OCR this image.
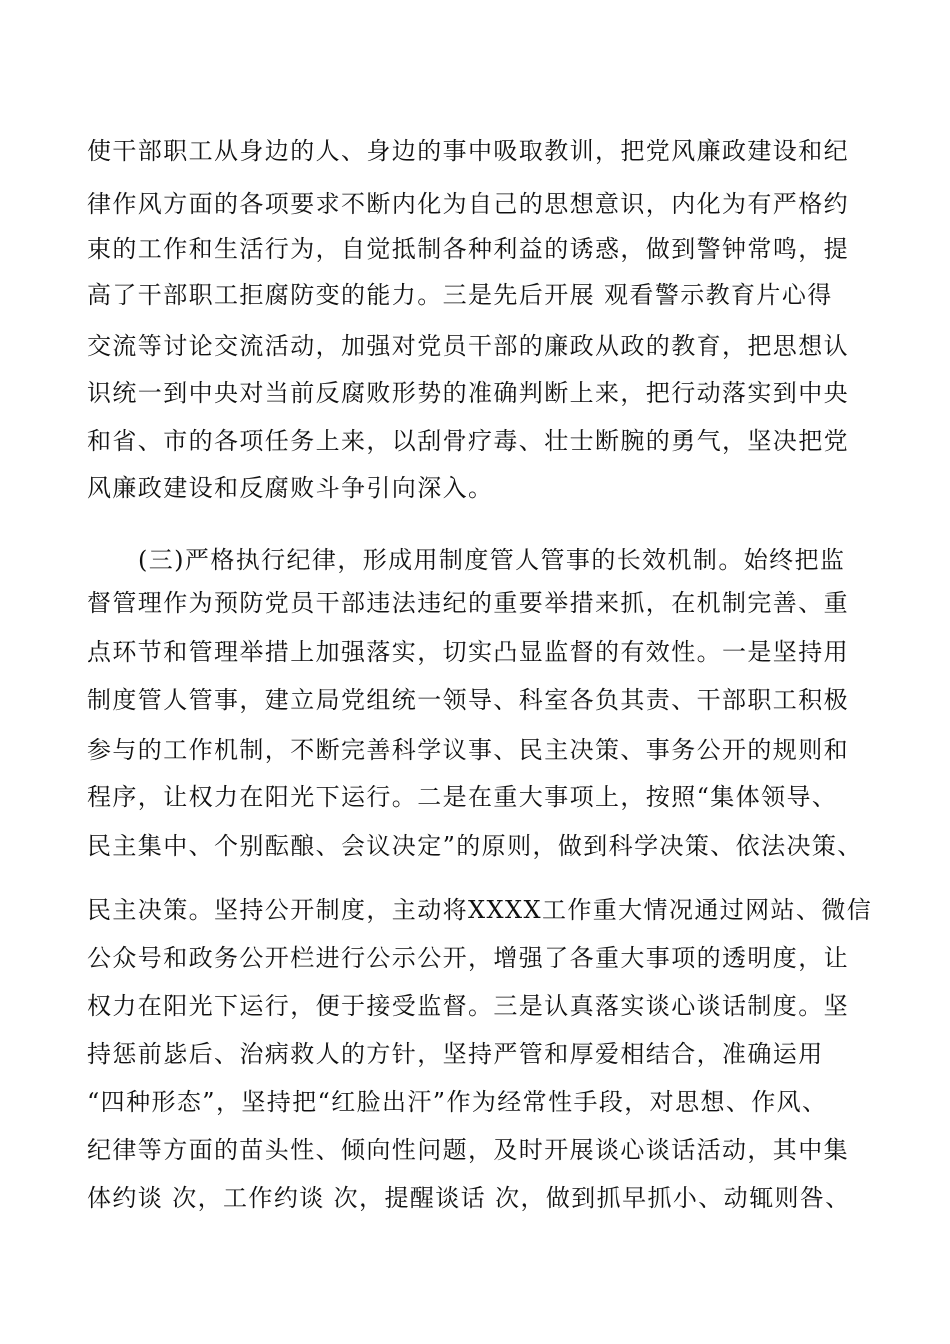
使干部职工从身边的人、身边的事中吸取教训，把党风廉政建设和纪
律作风方面的各项要求不断内化为自己的思想意识，内化为有严格约
束的工作和生活行为，自觉抵制各种利益的诱惑，做到警钟常鸣，提
高了干部职工拒腐防变的能力。三是先后开展 观看警示教育片心得
交流等讨论交流活动，加强对党员干部的廉政从政的教育，把思想认
识统一到中央对当前反腐败形势的准确判断上来，把行动落实到中央
和省、市的各项任务上来，以刮骨疗毒、壮士断腕的勇气，坚决把党
风廉政建设和反腐败斗争引向深入。
(三)严格执行纪律，形成用制度管人管事的长效机制。始终把监
督管理作为预防党员干部违法违纪的重要举措来抓，在机制完善、重
点环节和管理举措上加强落实，切实凸显监督的有效性。一是坚持用
制度管人管事，建立局党组统一领导、科室各负其责、干部职工积极
参与的工作机制，不断完善科学议事、民主决策、事务公开的规则和
程序，让权力在阳光下运行。二是在重大事项上，按照“集体领导、
民主集中、个别酝酿、会议决定”的原则，做到科学决策、依法决策、
民主决策。坚持公开制度，主动将XXXX工作重大情况通过网站、微信
公众号和政务公开栏进行公示公开，增强了各重大事项的透明度，让
权力在阳光下运行，便于接受监督。三是认真落实谈心谈话制度。坚
持惩前毖后、治病救人的方针，坚持严管和厚爱相结合，准确运用
“四种形态”，坚持把“红脸出汗”作为经常性手段，对思想、作风、
纪律等方面的苗头性、倾向性问题，及时开展谈心谈话活动，其中集
体约谈 次，工作约谈 次，提醒谈话 次，做到抓早抓小、动辄则咎、
